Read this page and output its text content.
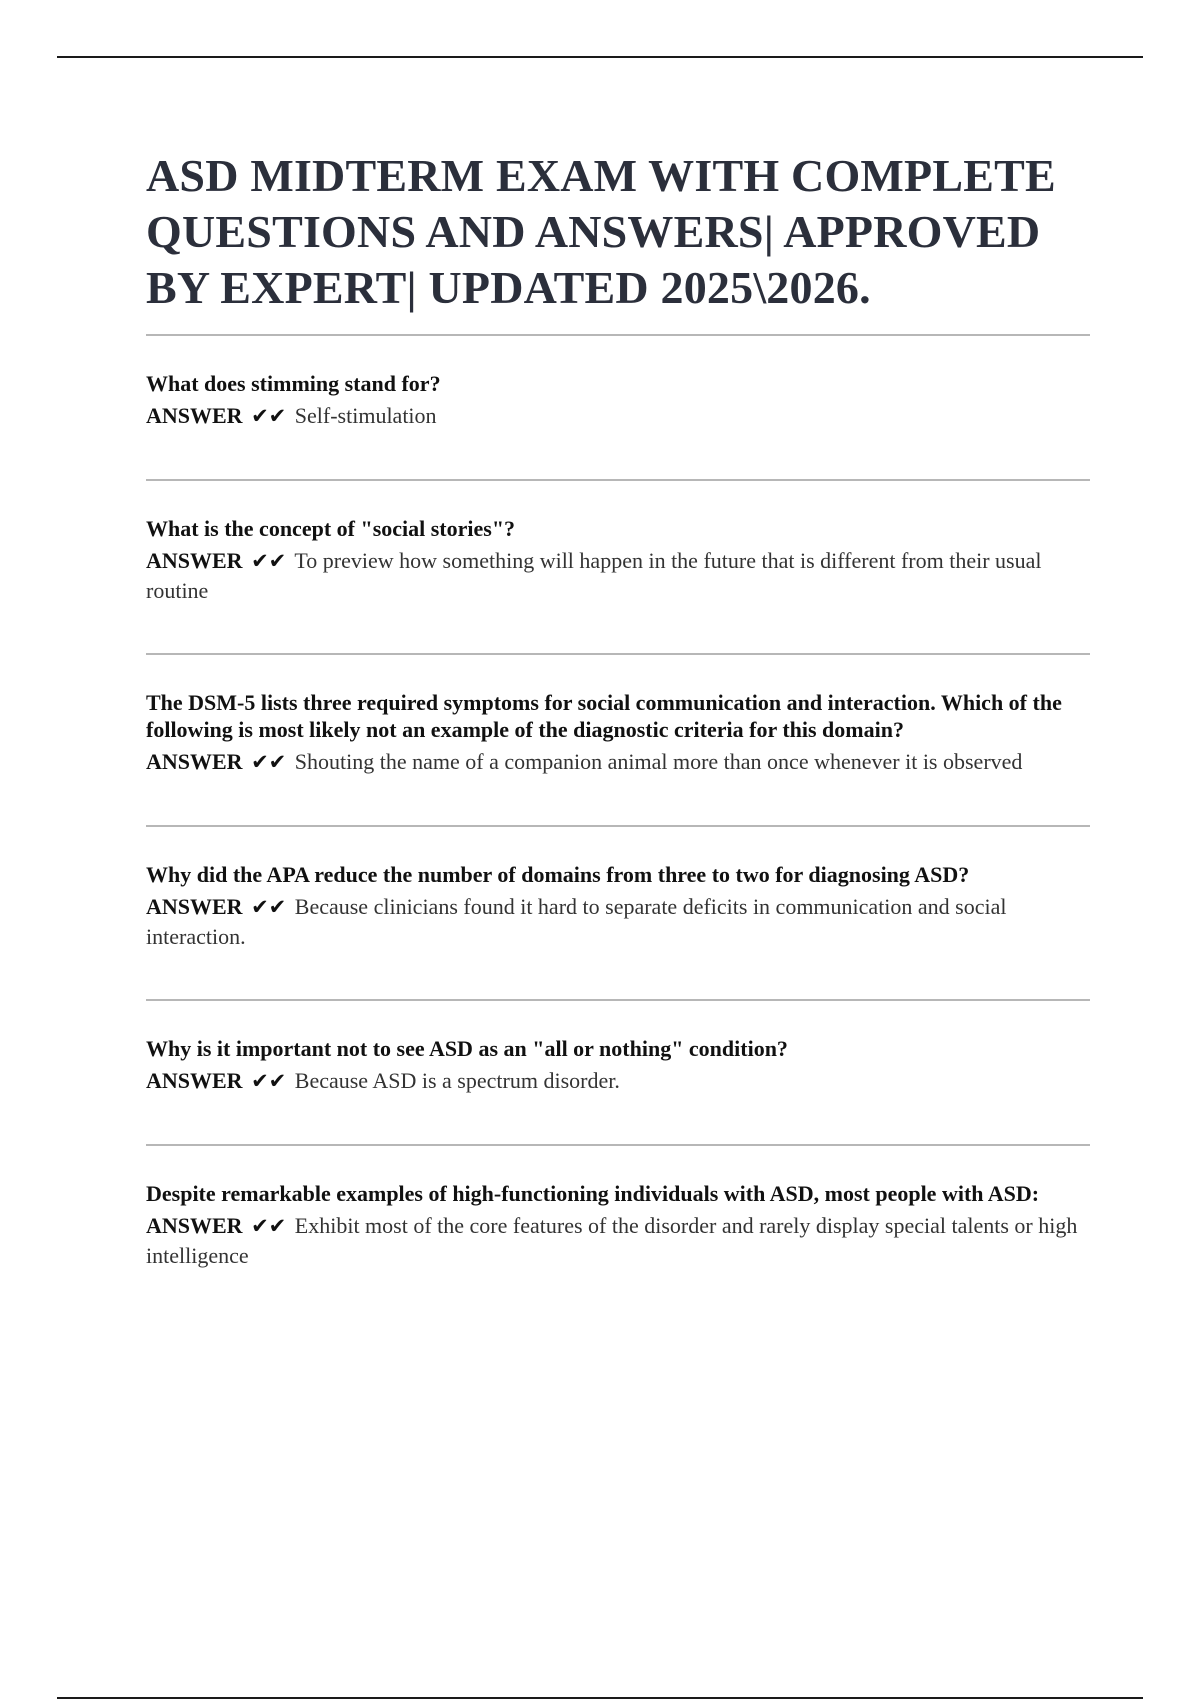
ASD MIDTERM EXAM WITH COMPLETE QUESTIONS AND ANSWERS| APPROVED BY EXPERT| UPDATED 2025\2026.

What does stimming stand for?

ANSWER ✔✔ Self-stimulation

What is the concept of "social stories"?

ANSWER ✔✔ To preview how something will happen in the future that is different from their usual routine

The DSM-5 lists three required symptoms for social communication and interaction. Which of the following is most likely not an example of the diagnostic criteria for this domain?

ANSWER ✔✔ Shouting the name of a companion animal more than once whenever it is observed

Why did the APA reduce the number of domains from three to two for diagnosing ASD?

ANSWER ✔✔ Because clinicians found it hard to separate deficits in communication and social interaction.

Why is it important not to see ASD as an "all or nothing" condition?

ANSWER ✔✔ Because ASD is a spectrum disorder.

Despite remarkable examples of high-functioning individuals with ASD, most people with ASD:

ANSWER ✔✔ Exhibit most of the core features of the disorder and rarely display special talents or high intelligence
